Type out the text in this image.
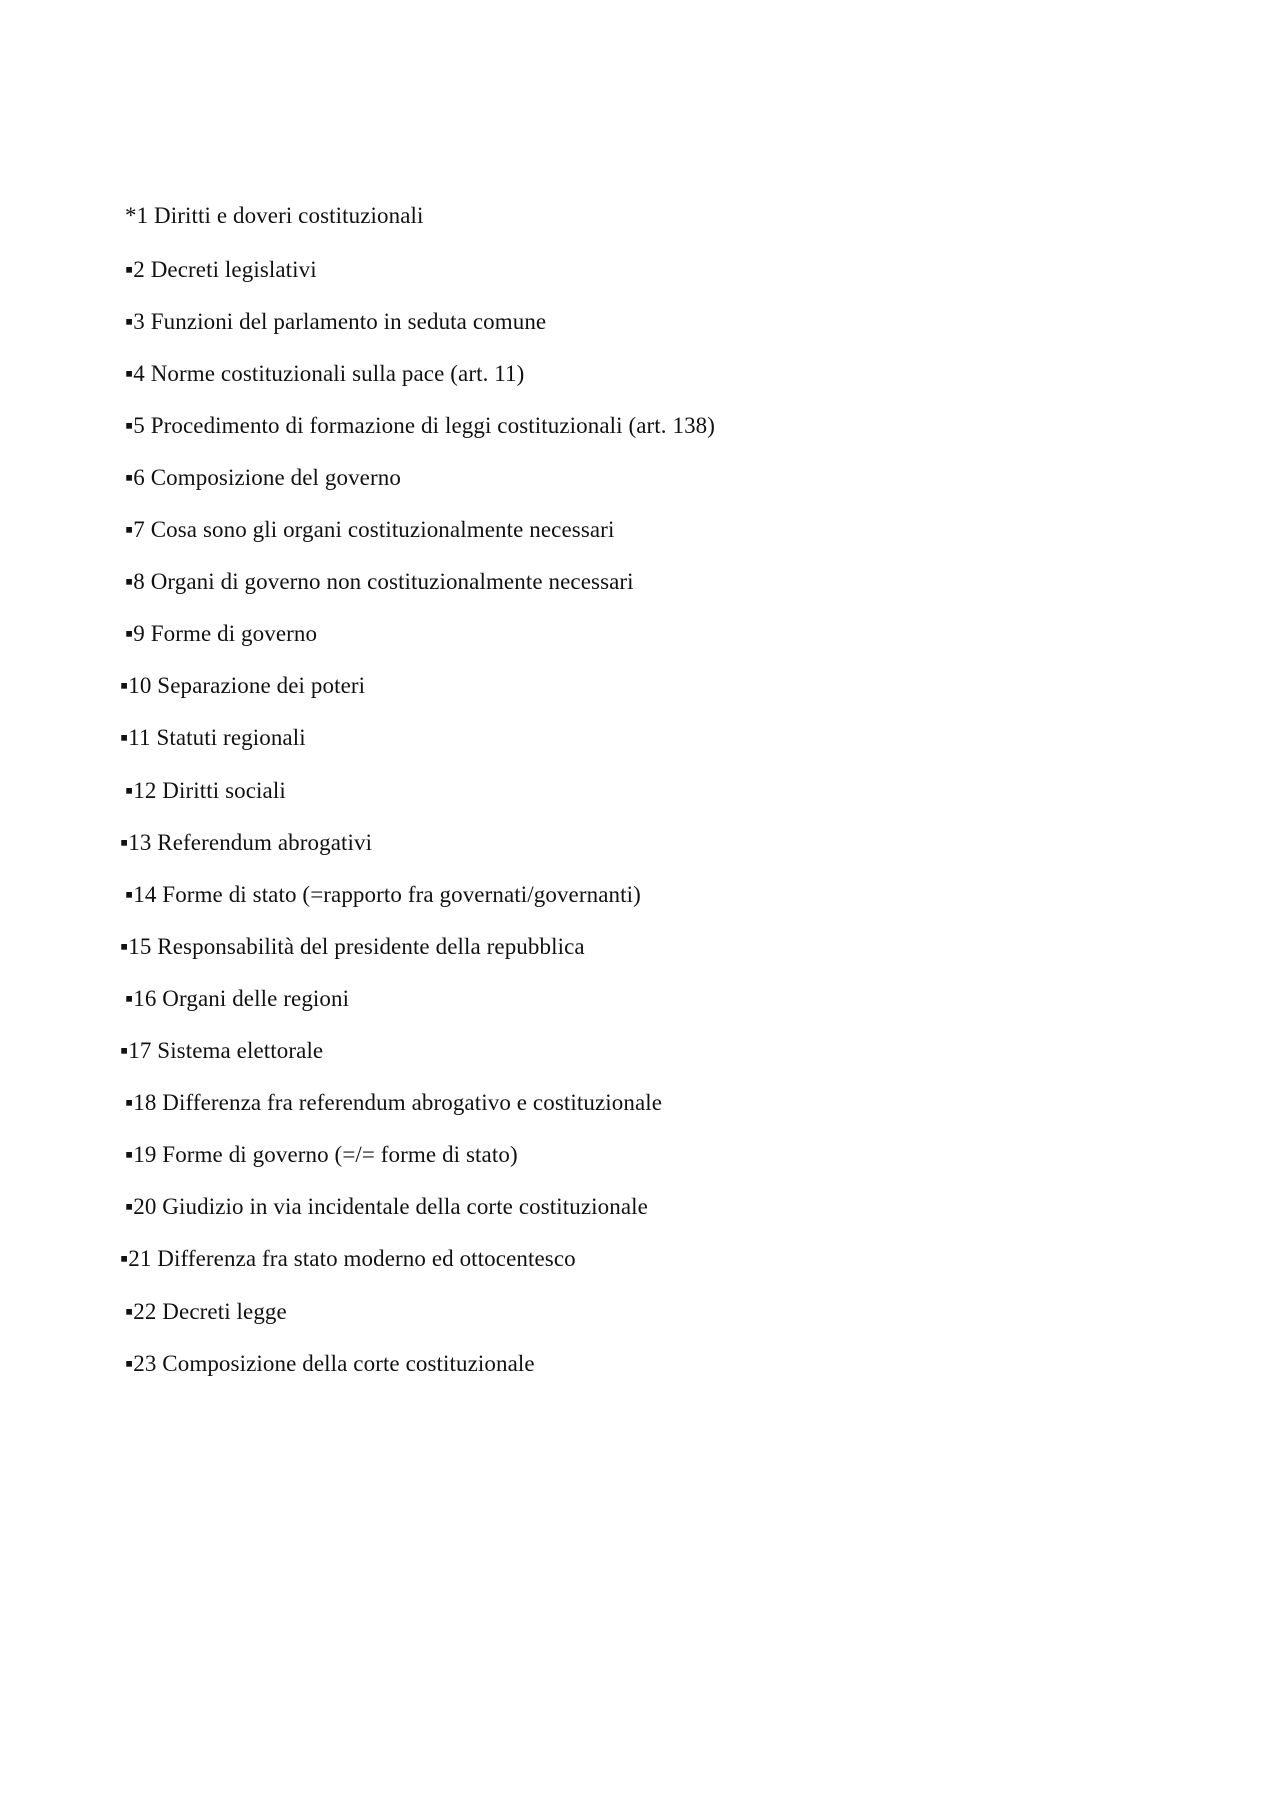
*1 Diritti e doveri costituzionali
▪2 Decreti legislativi
▪3 Funzioni del parlamento in seduta comune
▪4 Norme costituzionali sulla pace (art. 11)
▪5 Procedimento di formazione di leggi costituzionali (art. 138)
▪6 Composizione del governo
▪7 Cosa sono gli organi costituzionalmente necessari
▪8 Organi di governo non costituzionalmente necessari
▪9 Forme di governo
▪10 Separazione dei poteri
▪11 Statuti regionali
▪12 Diritti sociali
▪13 Referendum abrogativi
▪14 Forme di stato (=rapporto fra governati/governanti)
▪15 Responsabilità del presidente della repubblica
▪16 Organi delle regioni
▪17 Sistema elettorale
▪18 Differenza fra referendum abrogativo e costituzionale
▪19 Forme di governo (=/= forme di stato)
▪20 Giudizio in via incidentale della corte costituzionale
▪21 Differenza fra stato moderno ed ottocentesco
▪22 Decreti legge
▪23 Composizione della corte costituzionale
